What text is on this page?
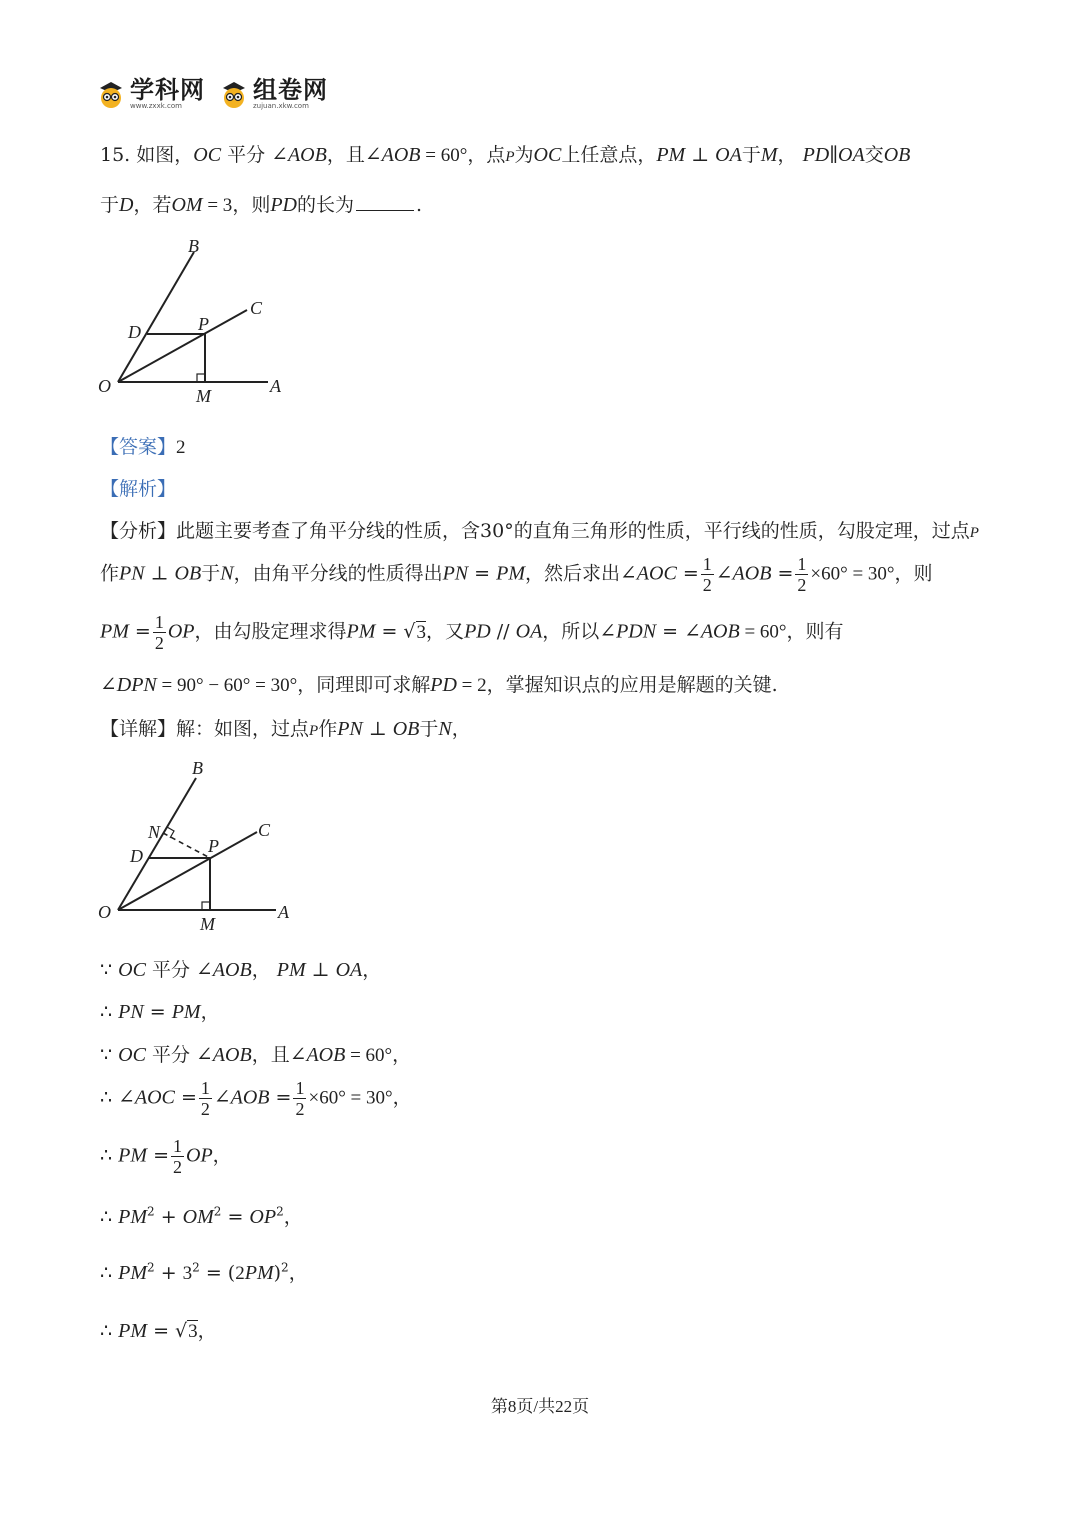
学科网
www.zxxk.com
组卷网
zujuan.xkw.com
15. 如图，OC 平分 ∠AOB，且∠AOB = 60°，点P为OC上任意点，PM ⊥ OA于M， PD∥OA交OB
于D，若OM = 3，则PD的长为	.
B
C
D	P
O	M	A
【答案】2
【解析】
【分析】此题主要考查了角平分线的性质，含30°的直角三角形的性质，平行线的性质，勾股定理，过点P
作PN ⊥ OB于N，由角平分线的性质得出PN = PM，然后求出∠AOC = $\frac{1}{2}$ ∠AOB = $\frac{1}{2} \times 60^\circ = 30^\circ$，则
PM = $\frac{1}{2}$ OP，由勾股定理求得PM = √3，又PD // OA，所以∠PDN = ∠AOB = 60°，则有
∠DPN = 90° − 60° = 30°，同理即可求解PD = 2，掌握知识点的应用是解题的关键.
【详解】解：如图，过点P作PN ⊥ OB于N，
B
N	C
D	P
O
M
A
∵ OC 平分 ∠AOB， PM ⊥ OA，
∴ PN = PM，
∵ OC 平分 ∠AOB，且∠AOB = 60°，
∴ ∠AOC = $\frac{1}{2}$ ∠AOB = $\frac{1}{2} \times 60^\circ = 30^\circ$，
∴ PM = $\frac{1}{2}$ OP，
∴ $PM^2 + OM^2 = OP^2$，
∴ $PM^2 + 3^2 = (2PM)^2$，
∴ PM = √3，
第8页/共22页
